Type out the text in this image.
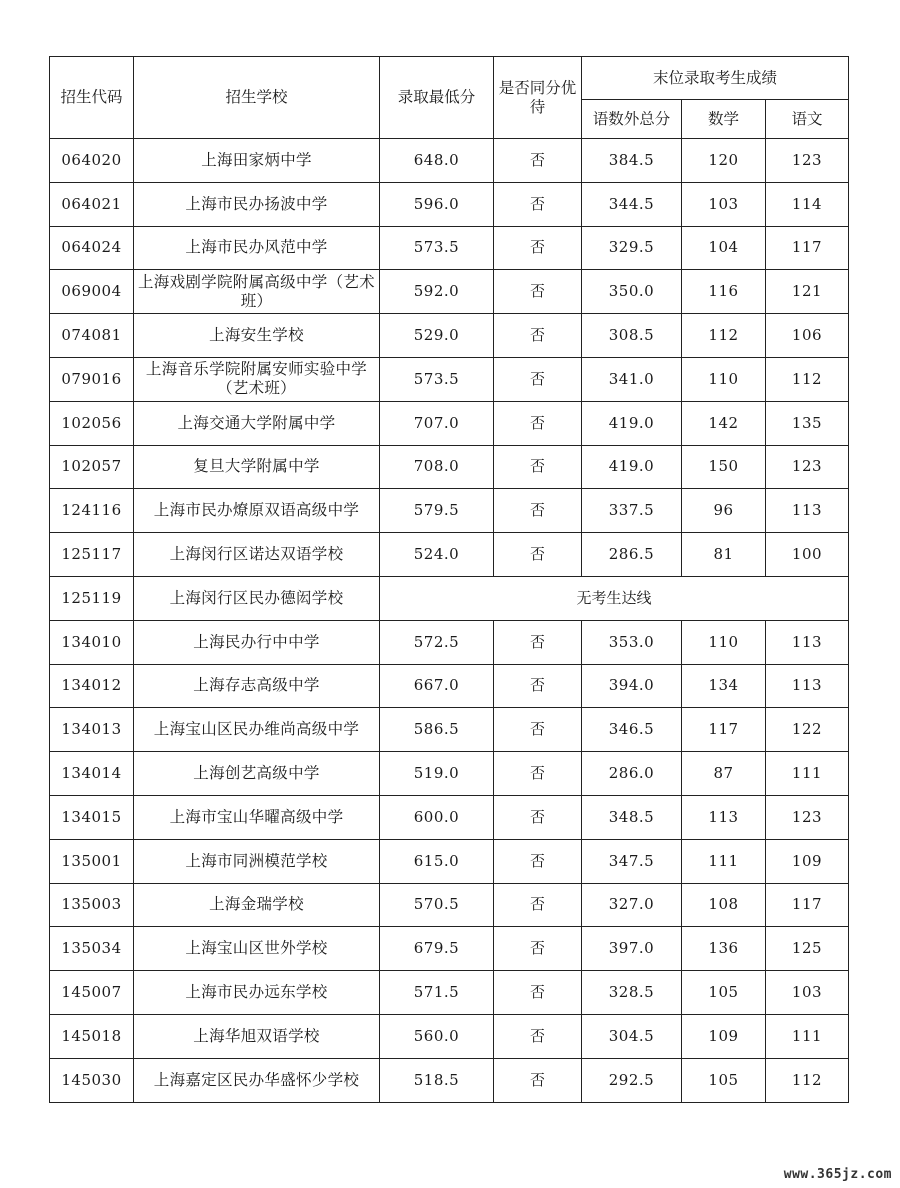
招生代码	招生学校	录取最低分	是否同分优待	末位录取考生成绩		
				语数外总分	数学	语文
064020	上海田家炳中学	648.0	否	384.5	120	123
064021	上海市民办扬波中学	596.0	否	344.5	103	114
064024	上海市民办风范中学	573.5	否	329.5	104	117
069004	上海戏剧学院附属高级中学（艺术班）	592.0	否	350.0	116	121
074081	上海安生学校	529.0	否	308.5	112	106
079016	上海音乐学院附属安师实验中学（艺术班）	573.5	否	341.0	110	112
102056	上海交通大学附属中学	707.0	否	419.0	142	135
102057	复旦大学附属中学	708.0	否	419.0	150	123
124116	上海市民办燎原双语高级中学	579.5	否	337.5	96	113
125117	上海闵行区诺达双语学校	524.0	否	286.5	81	100
125119	上海闵行区民办德闳学校	无考生达线				
134010	上海民办行中中学	572.5	否	353.0	110	113
134012	上海存志高级中学	667.0	否	394.0	134	113
134013	上海宝山区民办维尚高级中学	586.5	否	346.5	117	122
134014	上海创艺高级中学	519.0	否	286.0	87	111
134015	上海市宝山华曜高级中学	600.0	否	348.5	113	123
135001	上海市同洲模范学校	615.0	否	347.5	111	109
135003	上海金瑞学校	570.5	否	327.0	108	117
135034	上海宝山区世外学校	679.5	否	397.0	136	125
145007	上海市民办远东学校	571.5	否	328.5	105	103
145018	上海华旭双语学校	560.0	否	304.5	109	111
145030	上海嘉定区民办华盛怀少学校	518.5	否	292.5	105	112
www.365jz.com
